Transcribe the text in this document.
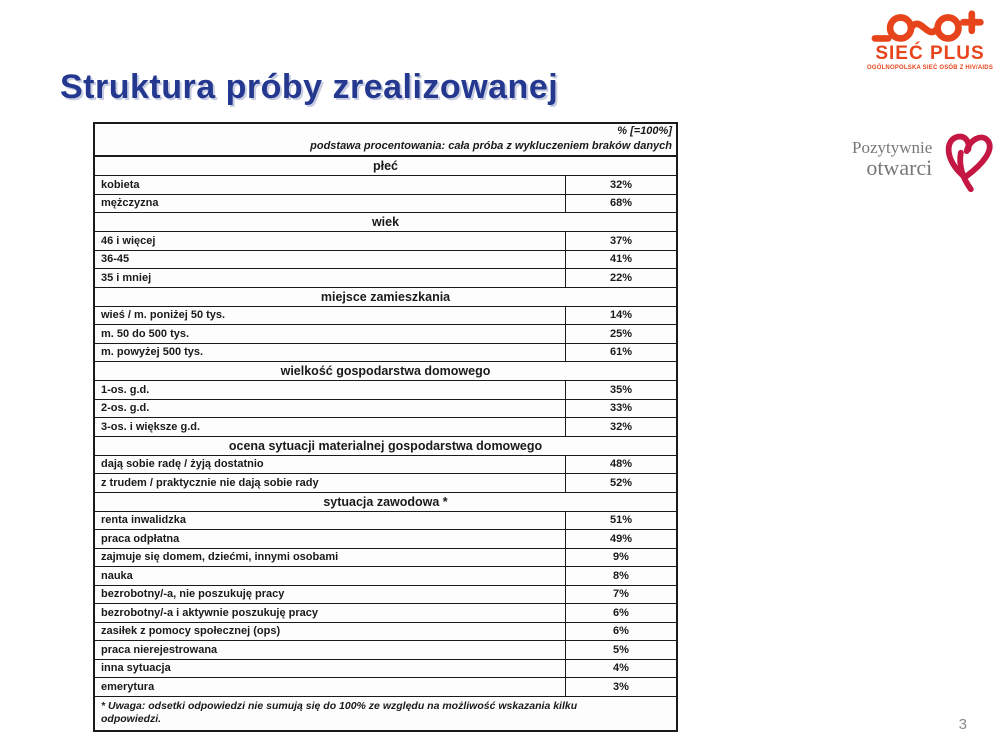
Struktura próby zrealizowanej
SIEĆ PLUS
OGÓLNOPOLSKA SIEĆ OSÓB Z HIV/AIDS
Pozytywnie
otwarci
% [=100%]
podstawa procentowania: cała próba z wykluczeniem braków danych
płeć
kobieta	32%
mężczyzna	68%
wiek
46 i więcej	37%
36-45	41%
35 i mniej	22%
miejsce zamieszkania
wieś / m. poniżej 50 tys.	14%
m. 50 do 500 tys.	25%
m. powyżej 500 tys.	61%
wielkość gospodarstwa domowego
1-os. g.d.	35%
2-os. g.d.	33%
3-os. i większe g.d.	32%
ocena sytuacji materialnej gospodarstwa domowego
dają sobie radę / żyją dostatnio	48%
z trudem / praktycznie nie dają sobie rady	52%
sytuacja zawodowa *
renta inwalidzka	51%
praca odpłatna	49%
zajmuje się domem, dziećmi, innymi osobami	9%
nauka	8%
bezrobotny/-a, nie poszukuję pracy	7%
bezrobotny/-a i aktywnie poszukuję pracy	6%
zasiłek z pomocy społecznej (ops)	6%
praca nierejestrowana	5%
inna sytuacja	4%
emerytura	3%
* Uwaga: odsetki odpowiedzi nie sumują się do 100% ze względu na możliwość wskazania kilku odpowiedzi.	3
